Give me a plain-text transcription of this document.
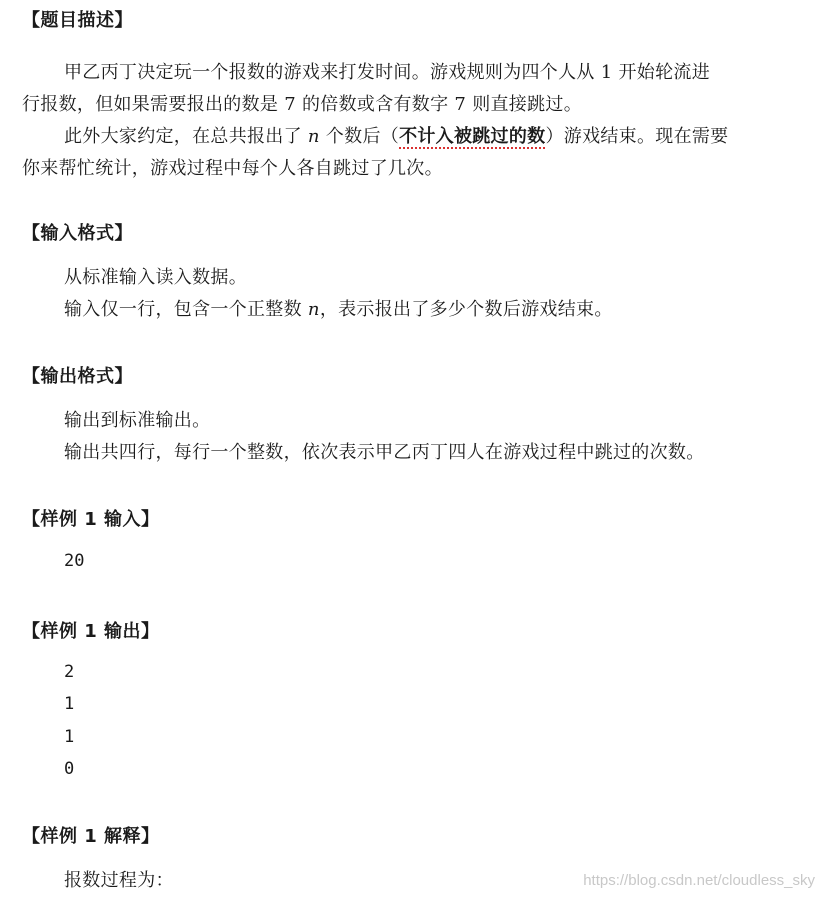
【题目描述】
甲乙丙丁决定玩一个报数的游戏来打发时间。游戏规则为四个人从 1 开始轮流进
行报数，但如果需要报出的数是 7 的倍数或含有数字 7 则直接跳过。
此外大家约定，在总共报出了 n 个数后（不计入被跳过的数）游戏结束。现在需要
你来帮忙统计，游戏过程中每个人各自跳过了几次。
【输入格式】
从标准输入读入数据。
输入仅一行，包含一个正整数 n，表示报出了多少个数后游戏结束。
【输出格式】
输出到标准输出。
输出共四行，每行一个整数，依次表示甲乙丙丁四人在游戏过程中跳过的次数。
【样例 1 输入】
20
【样例 1 输出】
2
1
1
0
【样例 1 解释】
报数过程为：	https://blog.csdn.net/cloudless_sky
